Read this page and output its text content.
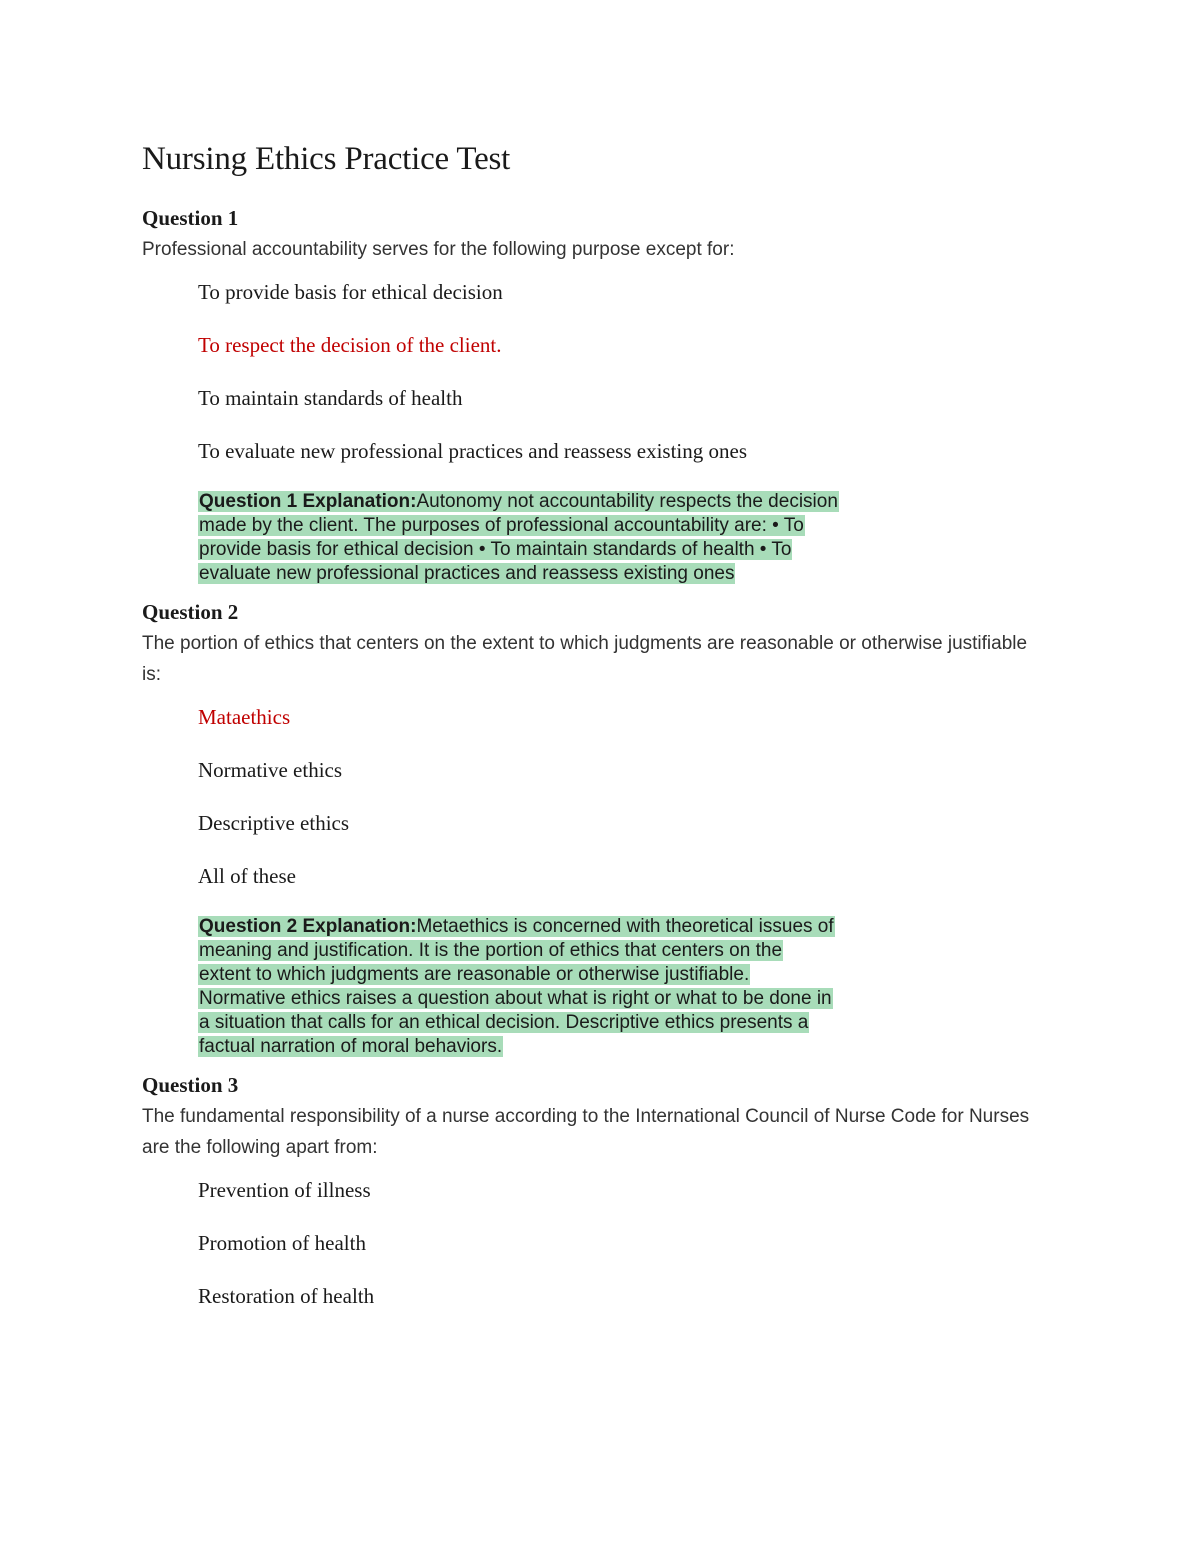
Nursing Ethics Practice Test
Question 1

Professional accountability serves for the following purpose except for:

To provide basis for ethical decision
To respect the decision of the client.
To maintain standards of health
To evaluate new professional practices and reassess existing ones
Question 1 Explanation:Autonomy not accountability respects the decision made by the client. The purposes of professional accountability are: • To provide basis for ethical decision • To maintain standards of health • To evaluate new professional practices and reassess existing ones
Question 2

The portion of ethics that centers on the extent to which judgments are reasonable or otherwise justifiable is:

Mataethics
Normative ethics
Descriptive ethics
All of these
Question 2 Explanation:Metaethics is concerned with theoretical issues of meaning and justification. It is the portion of ethics that centers on the extent to which judgments are reasonable or otherwise justifiable. Normative ethics raises a question about what is right or what to be done in a situation that calls for an ethical decision. Descriptive ethics presents a factual narration of moral behaviors.
Question 3

The fundamental responsibility of a nurse according to the International Council of Nurse Code for Nurses are the following apart from:

Prevention of illness
Promotion of health
Restoration of health
